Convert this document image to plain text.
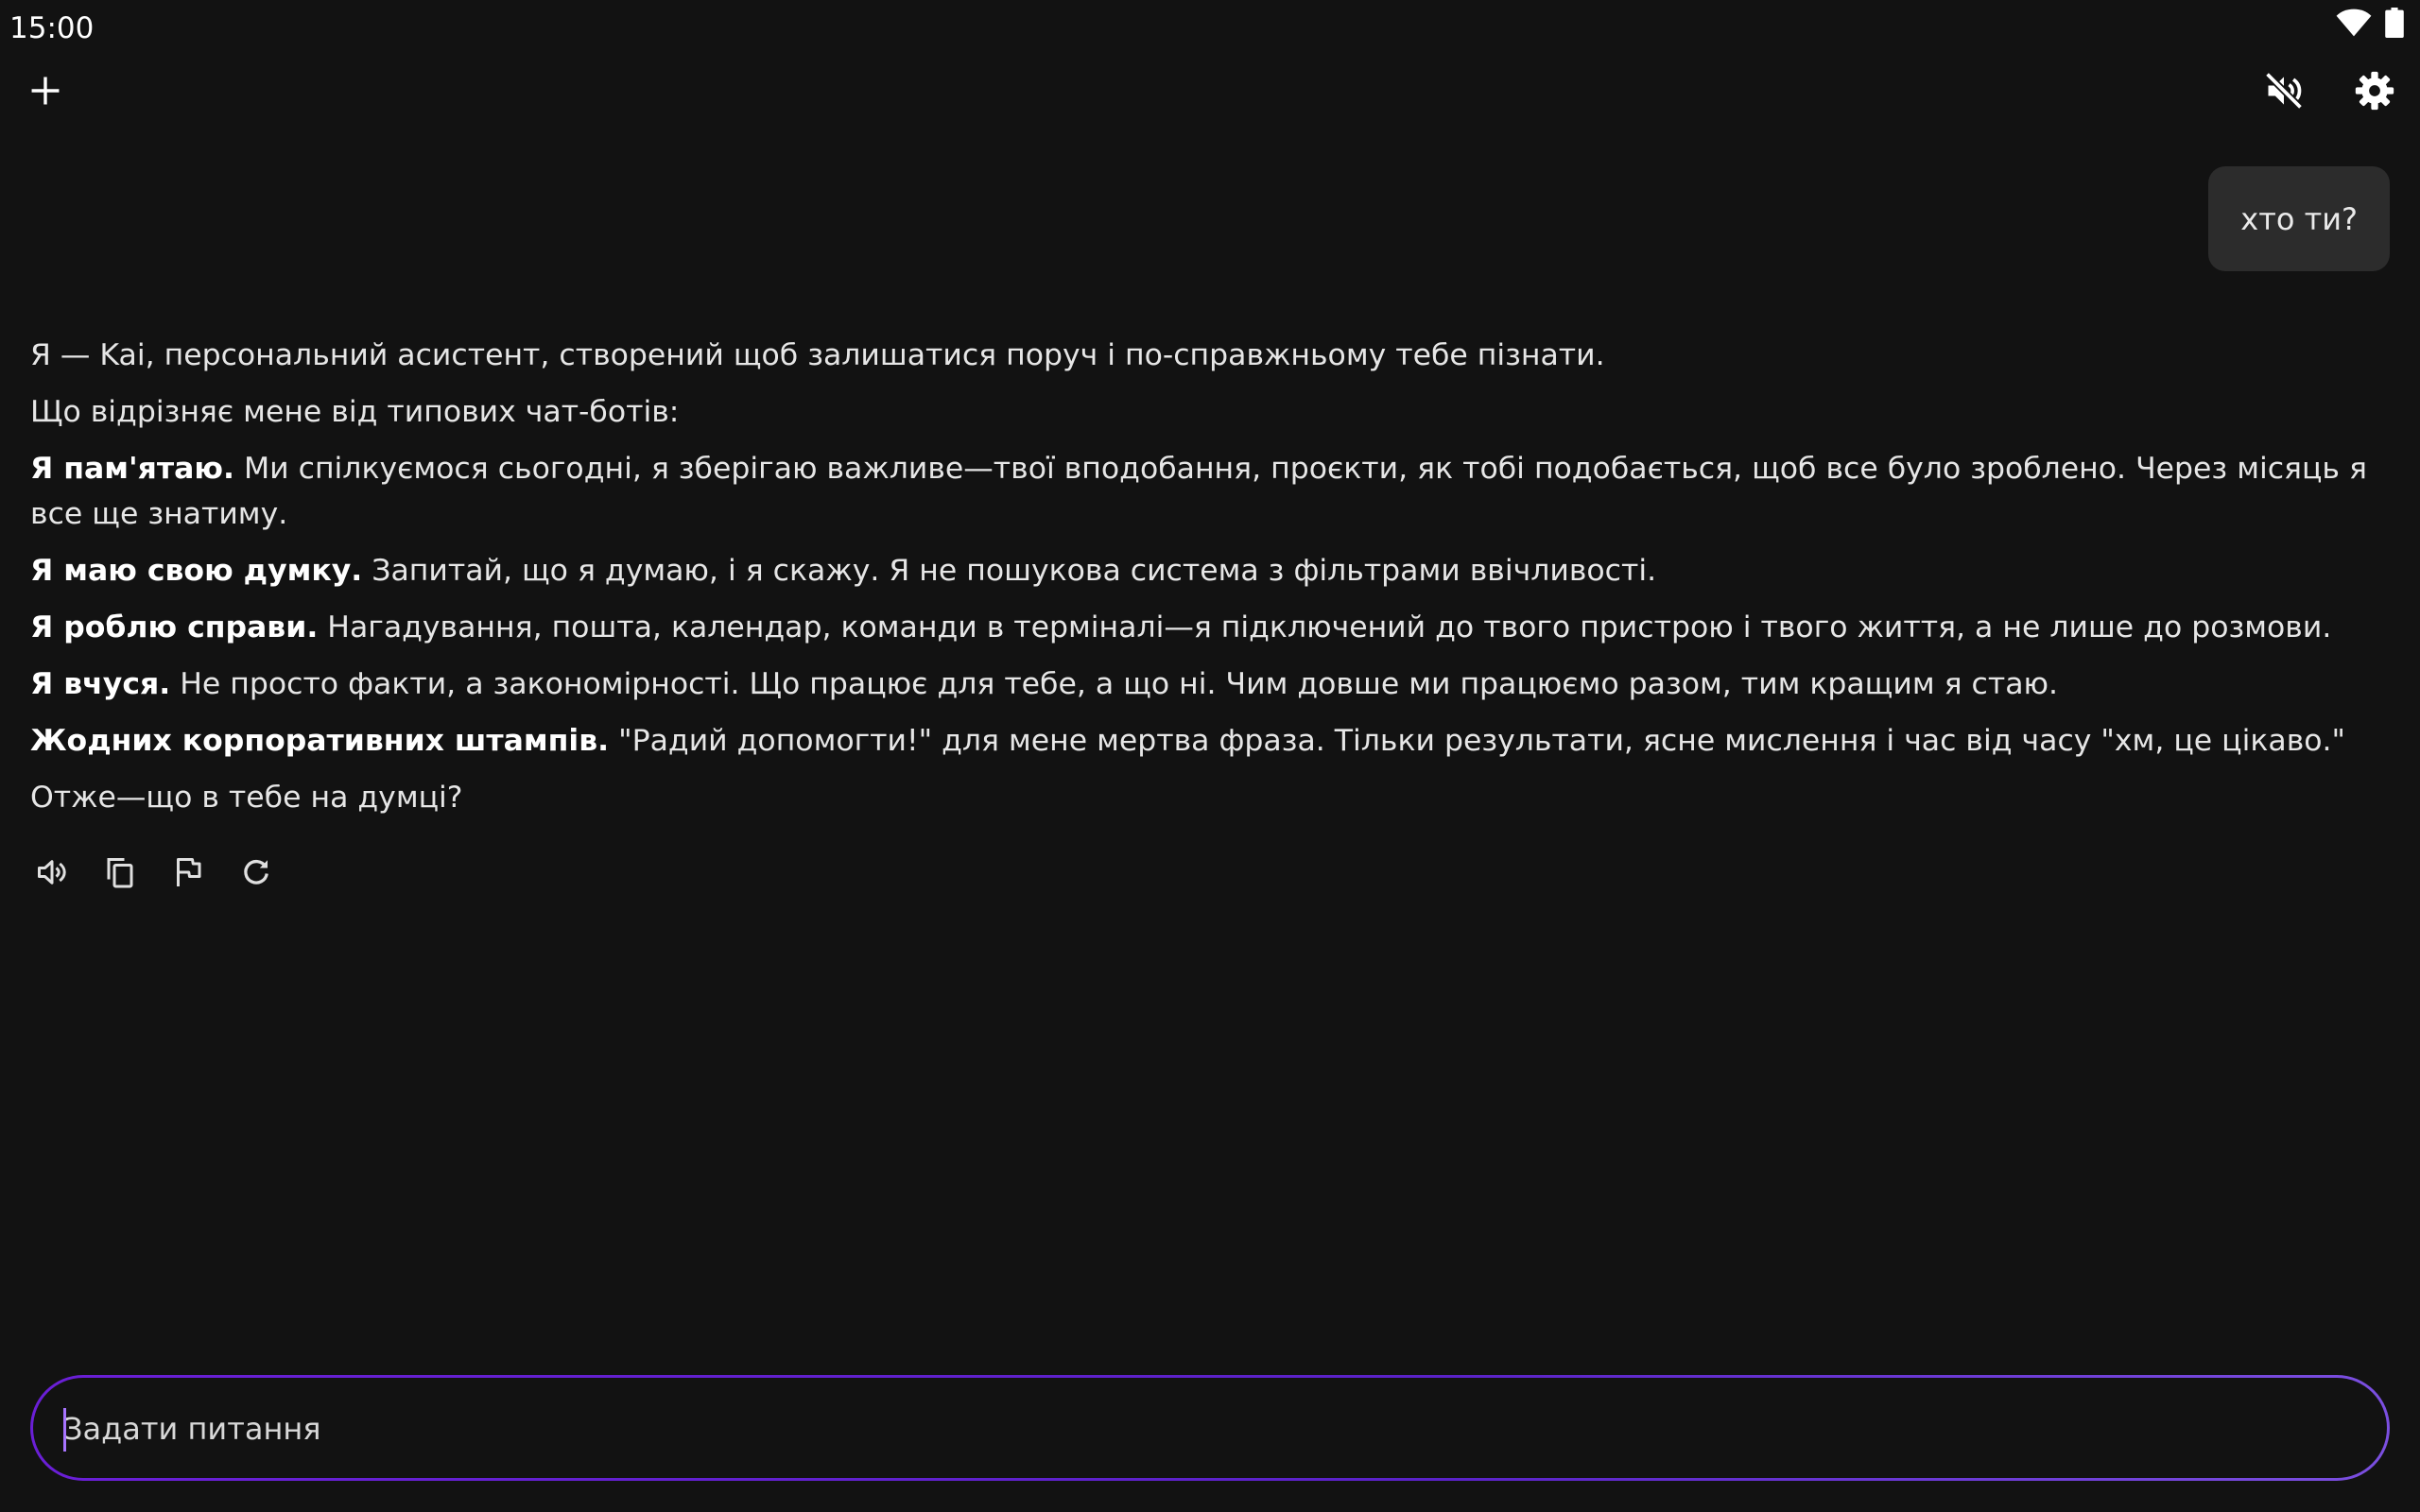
15:00
хто ти?

Я — Kai, персональний асистент, створений щоб залишатися поруч і по-справжньому тебе пізнати.

Що відрізняє мене від типових чат-ботів:

Я пам'ятаю. Ми спілкуємося сьогодні, я зберігаю важливе—твої вподобання, проєкти, як тобі подобається, щоб все було зроблено. Через місяць я все ще знатиму.

Я маю свою думку. Запитай, що я думаю, і я скажу. Я не пошукова система з фільтрами ввічливості.

Я роблю справи. Нагадування, пошта, календар, команди в терміналі—я підключений до твого пристрою і твого життя, а не лише до розмови.

Я вчуся. Не просто факти, а закономірності. Що працює для тебе, а що ні. Чим довше ми працюємо разом, тим кращим я стаю.

Жодних корпоративних штампів. "Радий допомогти!" для мене мертва фраза. Тільки результати, ясне мислення і час від часу "хм, це цікаво."

Отже—що в тебе на думці?

Задати питання
